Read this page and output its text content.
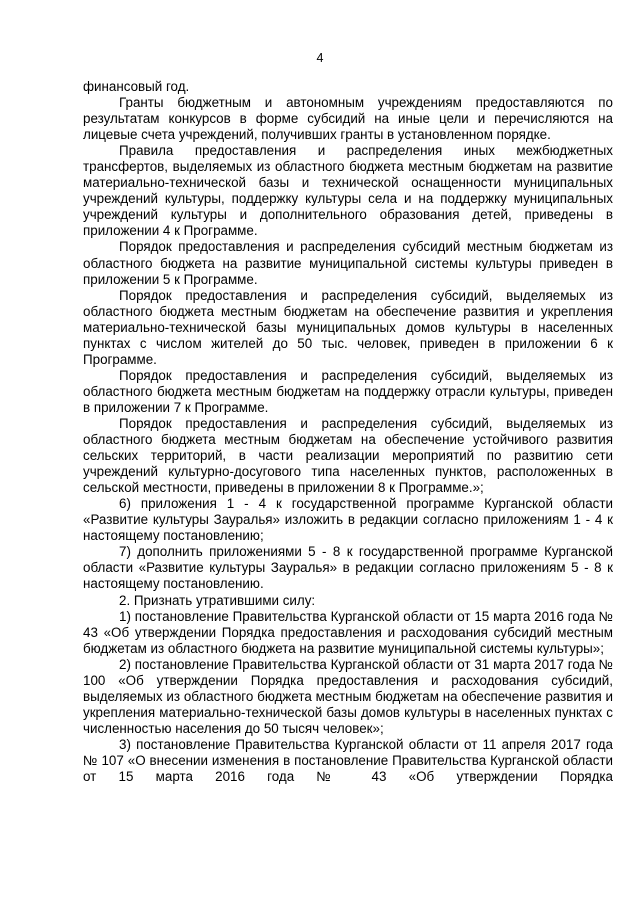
4

финансовый год.

Гранты бюджетным и автономным учреждениям предоставляются по результатам конкурсов в форме субсидий на иные цели и перечисляются на лицевые счета учреждений, получивших гранты в установленном порядке.

Правила предоставления и распределения иных межбюджетных трансфертов, выделяемых из областного бюджета местным бюджетам на развитие материально-технической базы и технической оснащенности муниципальных учреждений культуры, поддержку культуры села и на поддержку муниципальных учреждений культуры и дополнительного образования детей, приведены в приложении 4 к Программе.

Порядок предоставления и распределения субсидий местным бюджетам из областного бюджета на развитие муниципальной системы культуры приведен в приложении 5 к Программе.

Порядок предоставления и распределения субсидий, выделяемых из областного бюджета местным бюджетам на обеспечение развития и укрепления материально-технической базы муниципальных домов культуры в населенных пунктах с числом жителей до 50 тыс. человек, приведен в приложении 6 к Программе.

Порядок предоставления и распределения субсидий, выделяемых из областного бюджета местным бюджетам на поддержку отрасли культуры, приведен в приложении 7 к Программе.

Порядок предоставления и распределения субсидий, выделяемых из областного бюджета местным бюджетам на обеспечение устойчивого развития сельских территорий, в части реализации мероприятий по развитию сети учреждений культурно-досугового типа населенных пунктов, расположенных в сельской местности, приведены в приложении 8 к Программе.»;

6) приложения 1 - 4 к государственной программе Курганской области «Развитие культуры Зауралья» изложить в редакции согласно приложениям 1 - 4 к настоящему постановлению;

7) дополнить приложениями 5 - 8 к государственной программе Курганской области «Развитие культуры Зауралья» в редакции согласно приложениям 5 - 8 к настоящему постановлению.

2. Признать утратившими силу:

1) постановление Правительства Курганской области от 15 марта 2016 года № 43 «Об утверждении Порядка предоставления и расходования субсидий местным бюджетам из областного бюджета на развитие муниципальной системы культуры»;

2) постановление Правительства Курганской области от 31 марта 2017 года № 100 «Об утверждении Порядка предоставления и расходования субсидий, выделяемых из областного бюджета местным бюджетам на обеспечение развития и укрепления материально-технической базы домов культуры в населенных пунктах с численностью населения до 50 тысяч человек»;

3) постановление Правительства Курганской области от 11 апреля 2017 года № 107 «О внесении изменения в постановление Правительства Курганской области от 15 марта 2016 года № 43 «Об утверждении Порядка
